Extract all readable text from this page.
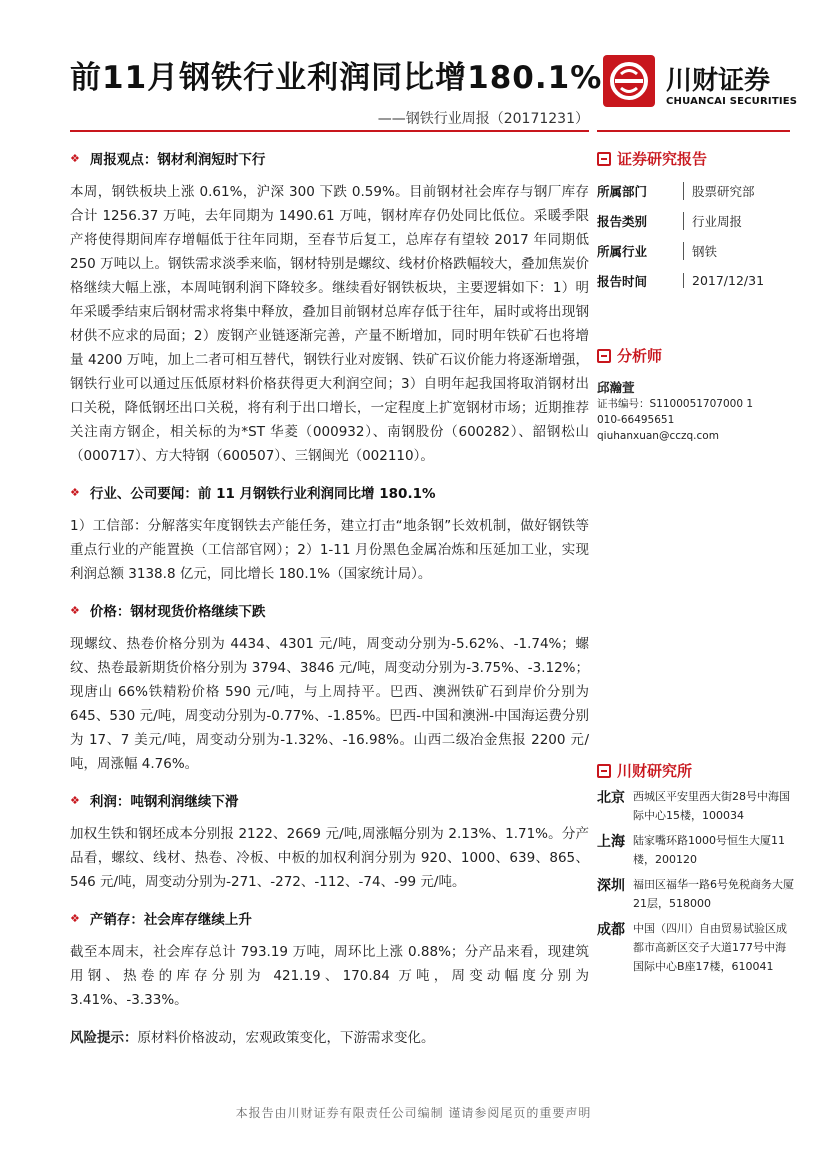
前11月钢铁行业利润同比增180.1%
——钢铁行业周报（20171231）
川财证券
CHUANCAI SECURITIES
❖ 周报观点：钢材利润短时下行

本周，钢铁板块上涨 0.61%，沪深 300 下跌 0.59%。目前钢材社会库存与钢厂库存合计 1256.37 万吨，去年同期为 1490.61 万吨，钢材库存仍处同比低位。采暖季限产将使得期间库存增幅低于往年同期，至春节后复工，总库存有望较 2017 年同期低 250 万吨以上。钢铁需求淡季来临，钢材特别是螺纹、线材价格跌幅较大，叠加焦炭价格继续大幅上涨，本周吨钢利润下降较多。继续看好钢铁板块，主要逻辑如下：1）明年采暖季结束后钢材需求将集中释放，叠加目前钢材总库存低于往年，届时或将出现钢材供不应求的局面；2）废钢产业链逐渐完善，产量不断增加，同时明年铁矿石也将增量 4200 万吨，加上二者可相互替代，钢铁行业对废钢、铁矿石议价能力将逐渐增强，钢铁行业可以通过压低原材料价格获得更大利润空间；3）自明年起我国将取消钢材出口关税，降低钢坯出口关税，将有利于出口增长，一定程度上扩宽钢材市场；近期推荐关注南方钢企，相关标的为*ST 华菱（000932）、南钢股份（600282）、韶钢松山（000717）、方大特钢（600507）、三钢闽光（002110）。

❖ 行业、公司要闻：前 11 月钢铁行业利润同比增 180.1%

1）工信部：分解落实年度钢铁去产能任务，建立打击“地条钢”长效机制，做好钢铁等重点行业的产能置换（工信部官网）；2）1-11 月份黑色金属冶炼和压延加工业，实现利润总额 3138.8 亿元，同比增长 180.1%（国家统计局）。

❖ 价格：钢材现货价格继续下跌

现螺纹、热卷价格分别为 4434、4301 元/吨，周变动分别为-5.62%、-1.74%；螺纹、热卷最新期货价格分别为 3794、3846 元/吨，周变动分别为-3.75%、-3.12%；现唐山 66%铁精粉价格 590 元/吨，与上周持平。巴西、澳洲铁矿石到岸价分别为 645、530 元/吨，周变动分别为-0.77%、-1.85%。巴西-中国和澳洲-中国海运费分别为 17、7 美元/吨，周变动分别为-1.32%、-16.98%。山西二级冶金焦报 2200 元/吨，周涨幅 4.76%。

❖ 利润：吨钢利润继续下滑

加权生铁和钢坯成本分别报 2122、2669 元/吨,周涨幅分别为 2.13%、1.71%。分产品看，螺纹、线材、热卷、冷板、中板的加权利润分别为 920、1000、639、865、546 元/吨，周变动分别为-271、-272、-112、-74、-99 元/吨。

❖ 产销存：社会库存继续上升

截至本周末，社会库存总计 793.19 万吨，周环比上涨 0.88%；分产品来看，现建筑用钢、热卷的库存分别为 421.19、170.84 万吨，周变动幅度分别为 3.41%、-3.33%。

风险提示：原材料价格波动，宏观政策变化，下游需求变化。
证券研究报告
所属部门	股票研究部
报告类别	行业周报
所属行业	钢铁
报告时间	2017/12/31
分析师
邱瀚萱
证书编号：S1100051707000 1
010-66495651
qiuhanxuan@cczq.com
川财研究所
北京 西城区平安里西大街28号中海国际中心15楼，100034
上海 陆家嘴环路1000号恒生大厦11楼，200120
深圳 福田区福华一路6号免税商务大厦21层，518000
成都 中国（四川）自由贸易试验区成都市高新区交子大道177号中海国际中心B座17楼，610041
本报告由川财证券有限责任公司编制 谨请参阅尾页的重要声明
